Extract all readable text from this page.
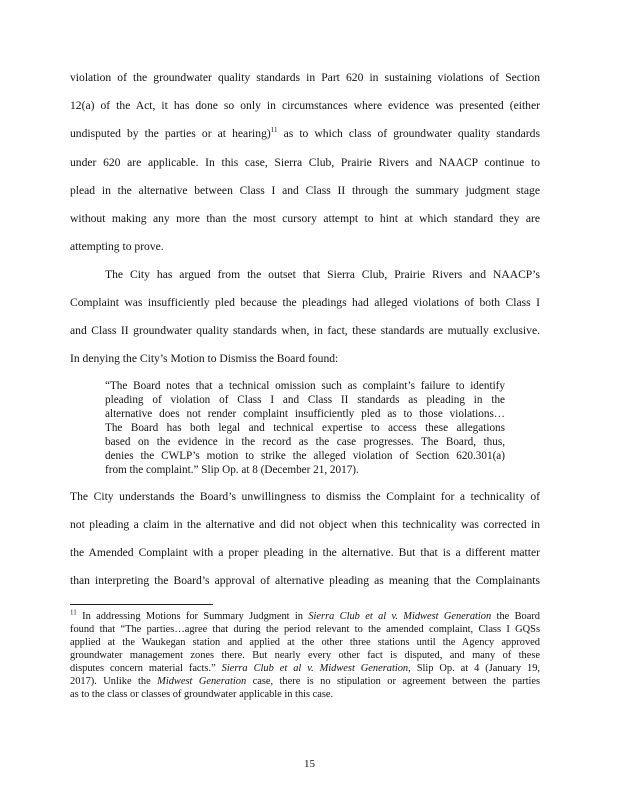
violation of the groundwater quality standards in Part 620 in sustaining violations of Section
12(a) of the Act, it has done so only in circumstances where evidence was presented (either
undisputed by the parties or at hearing)$^{11}$ as to which class of groundwater quality standards
under 620 are applicable. In this case, Sierra Club, Prairie Rivers and NAACP continue to
plead in the alternative between Class I and Class II through the summary judgment stage
without making any more than the most cursory attempt to hint at which standard they are
attempting to prove.
The City has argued from the outset that Sierra Club, Prairie Rivers and NAACP’s
Complaint was insufficiently pled because the pleadings had alleged violations of both Class I
and Class II groundwater quality standards when, in fact, these standards are mutually exclusive.
In denying the City’s Motion to Dismiss the Board found:
“The Board notes that a technical omission such as complaint’s failure to identify
pleading of violation of Class I and Class II standards as pleading in the
alternative does not render complaint insufficiently pled as to those violations…
The Board has both legal and technical expertise to access these allegations
based on the evidence in the record as the case progresses. The Board, thus,
denies the CWLP’s motion to strike the alleged violation of Section 620.301(a)
from the complaint.” Slip Op. at 8 (December 21, 2017).
The City understands the Board’s unwillingness to dismiss the Complaint for a technicality of
not pleading a claim in the alternative and did not object when this technicality was corrected in
the Amended Complaint with a proper pleading in the alternative. But that is a different matter
than interpreting the Board’s approval of alternative pleading as meaning that the Complainants
$^{11}$ In addressing Motions for Summary Judgment in Sierra Club et al v. Midwest Generation the Board
found that “The parties…agree that during the period relevant to the amended complaint, Class I GQSs
applied at the Waukegan station and applied at the other three stations until the Agency approved
groundwater management zones there. But nearly every other fact is disputed, and many of these
disputes concern material facts.” Sierra Club et al v. Midwest Generation, Slip Op. at 4 (January 19,
2017). Unlike the Midwest Generation case, there is no stipulation or agreement between the parties
as to the class or classes of groundwater applicable in this case.
15
